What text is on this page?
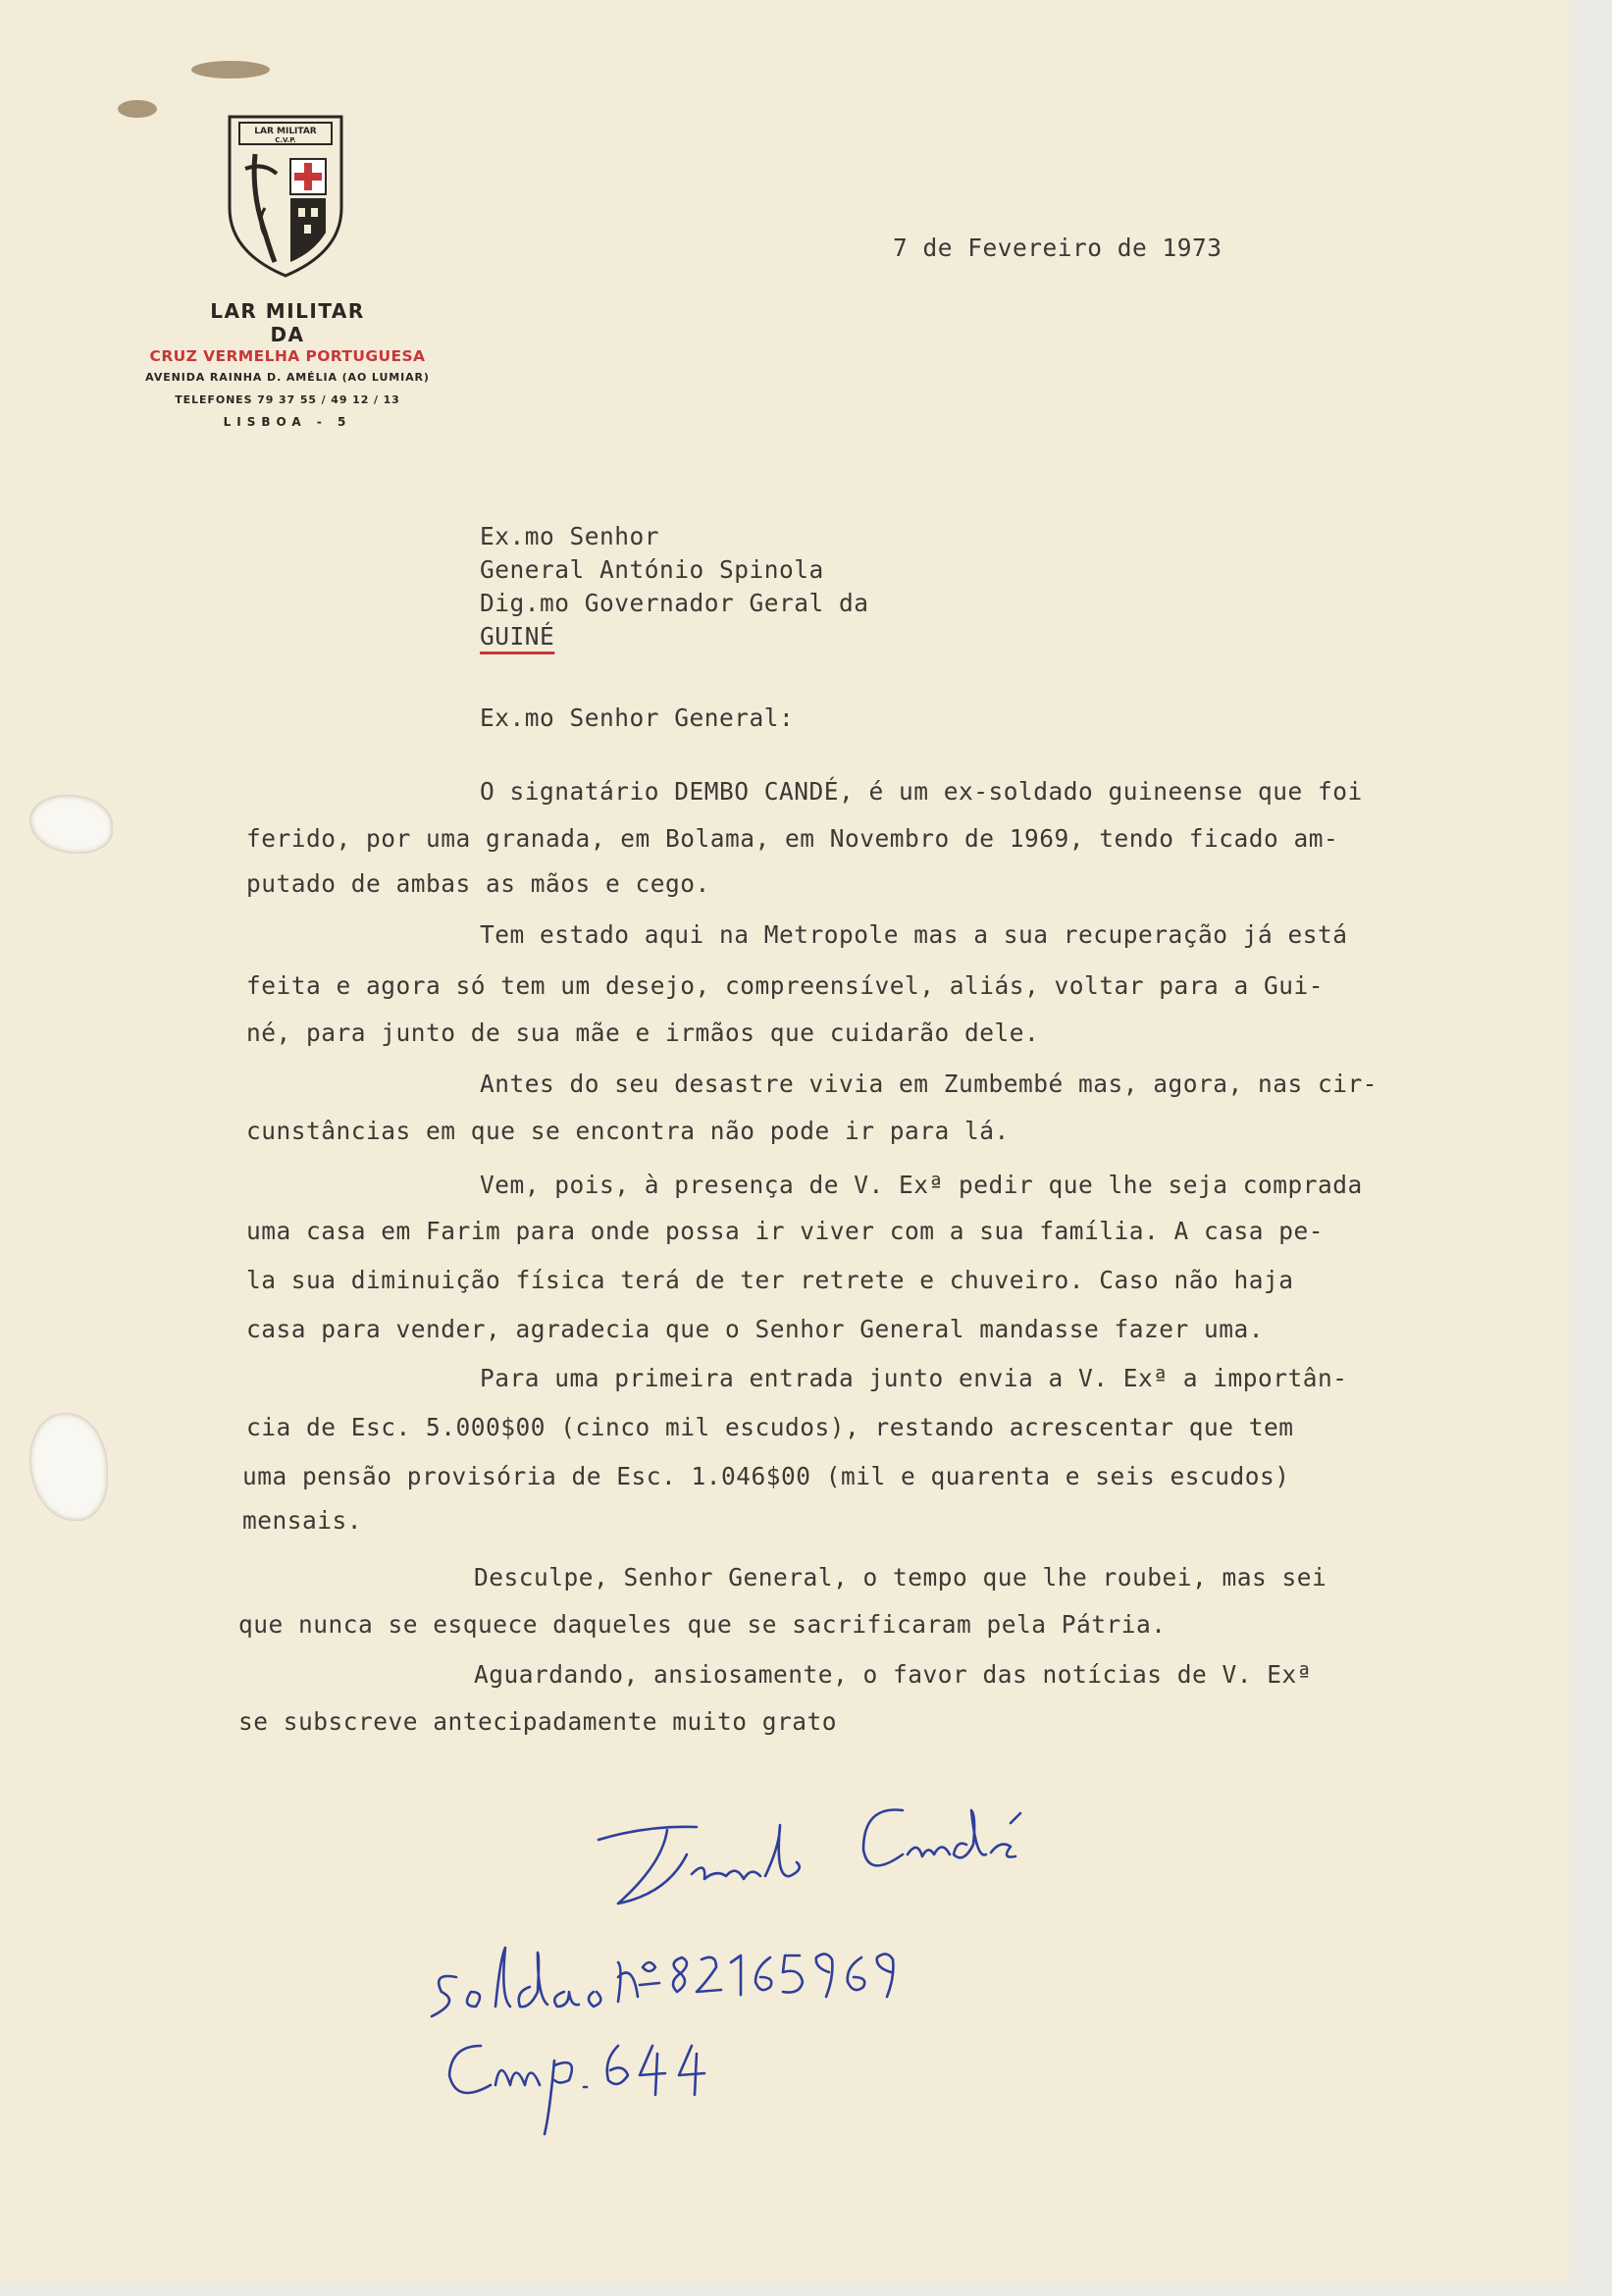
LAR MILITAR
C.V.P.
LAR MILITAR
DA
CRUZ VERMELHA PORTUGUESA
AVENIDA RAINHA D. AMÉLIA (AO LUMIAR)
TELEFONES 79 37 55 / 49 12 / 13
LISBOA - 5
7 de Fevereiro de 1973
Ex.mo Senhor
General António Spinola
Dig.mo Governador Geral da
GUINÉ
Ex.mo Senhor General:
O signatário DEMBO CANDÉ, é um ex-soldado guineense que foi
ferido, por uma granada, em Bolama, em Novembro de 1969, tendo ficado am-
putado de ambas as mãos e cego.
Tem estado aqui na Metropole mas a sua recuperação já está
feita e agora só tem um desejo, compreensível, aliás, voltar para a Gui-
né, para junto de sua mãe e irmãos que cuidarão dele.
Antes do seu desastre vivia em Zumbembé mas, agora, nas cir-
cunstâncias em que se encontra não pode ir para lá.
Vem, pois, à presença de V. Exª pedir que lhe seja comprada
uma casa em Farim para onde possa ir viver com a sua família. A casa pe-
la sua diminuição física terá de ter retrete e chuveiro. Caso não haja
casa para vender, agradecia que o Senhor General mandasse fazer uma.
Para uma primeira entrada junto envia a V. Exª a importân-
cia de Esc. 5.000$00 (cinco mil escudos), restando acrescentar que tem
uma pensão provisória de Esc. 1.046$00 (mil e quarenta e seis escudos)
mensais.
Desculpe, Senhor General, o tempo que lhe roubei, mas sei
que nunca se esquece daqueles que se sacrificaram pela Pátria.
Aguardando, ansiosamente, o favor das notícias de V. Exª
se subscreve antecipadamente muito grato
